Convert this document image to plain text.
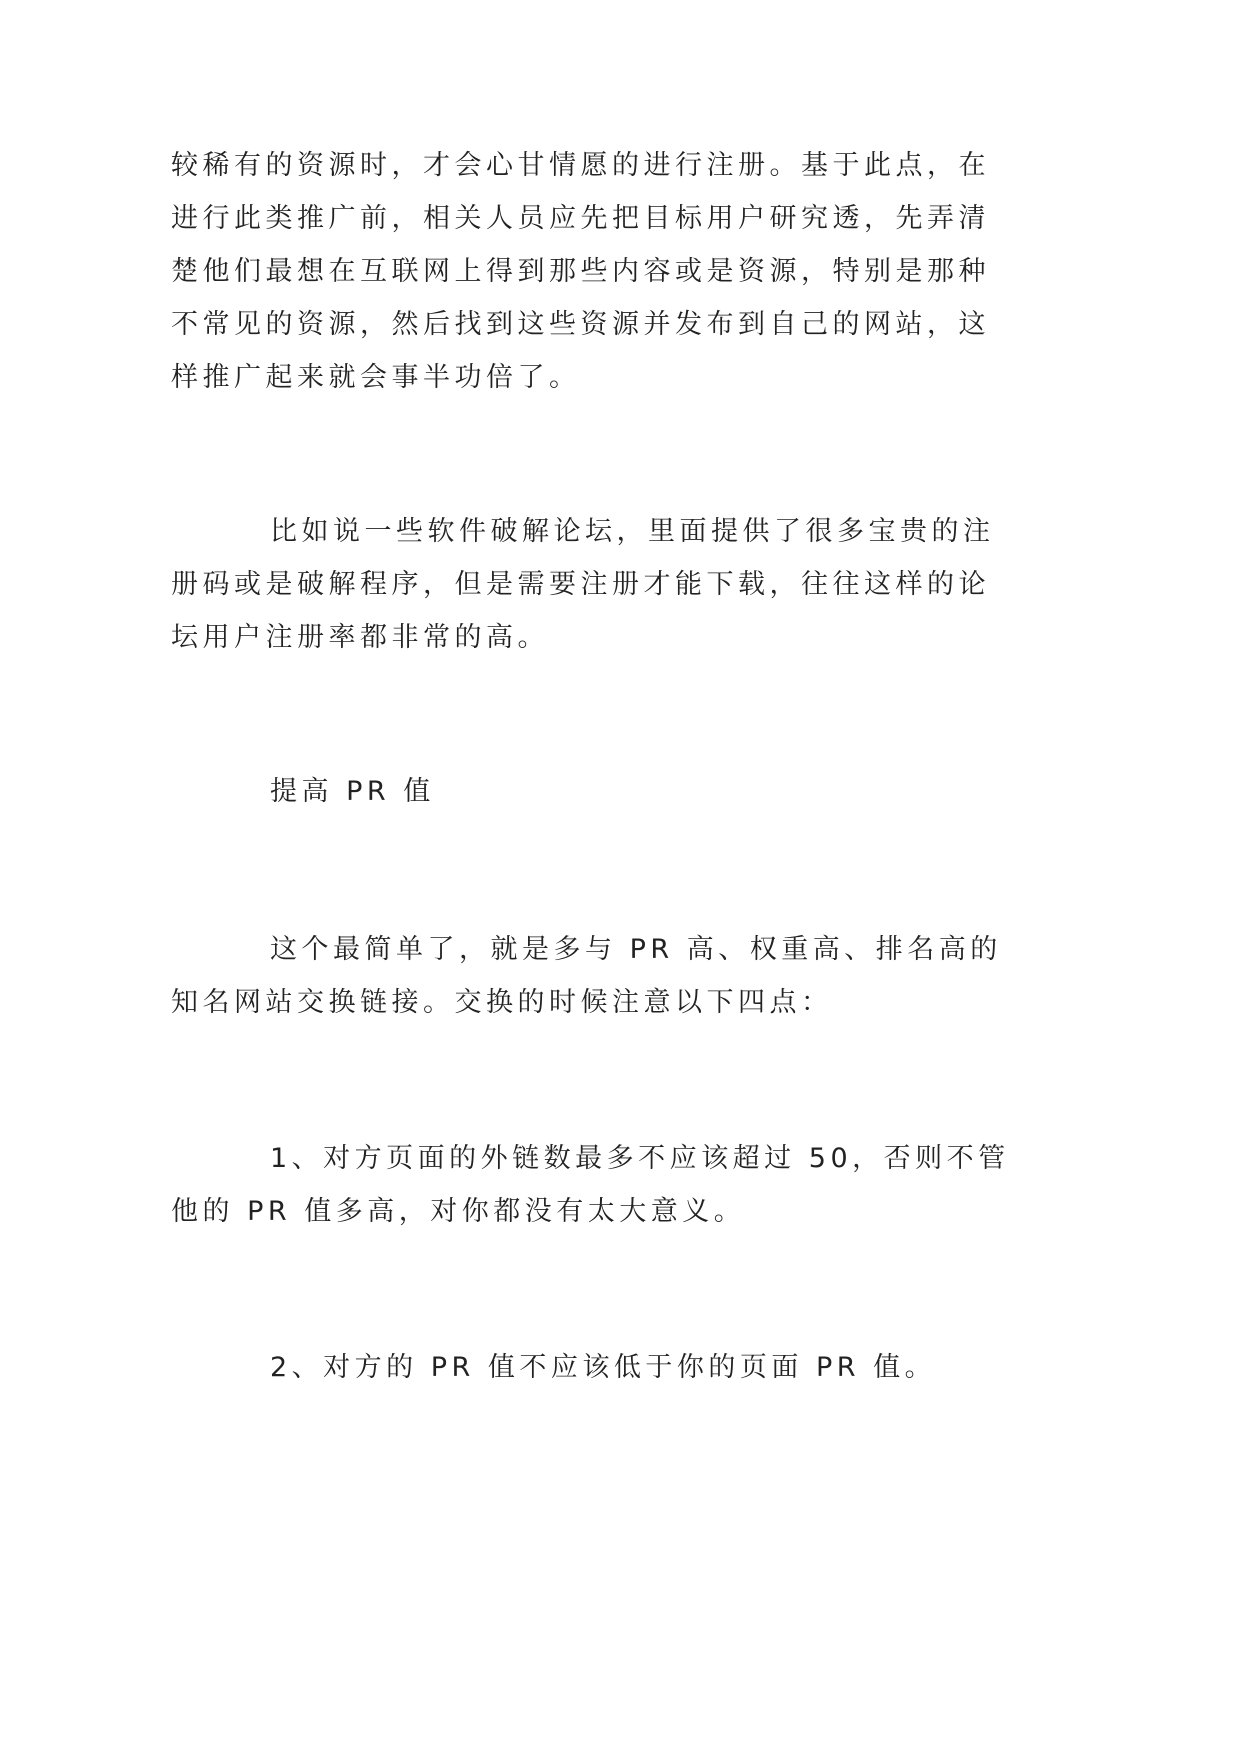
较稀有的资源时，才会心甘情愿的进行注册。基于此点，在
进行此类推广前，相关人员应先把目标用户研究透，先弄清
楚他们最想在互联网上得到那些内容或是资源，特别是那种
不常见的资源，然后找到这些资源并发布到自己的网站，这
样推广起来就会事半功倍了。
比如说一些软件破解论坛，里面提供了很多宝贵的注
册码或是破解程序，但是需要注册才能下载，往往这样的论
坛用户注册率都非常的高。
提高 PR 值
这个最简单了，就是多与 PR 高、权重高、排名高的
知名网站交换链接。交换的时候注意以下四点：
1、对方页面的外链数最多不应该超过 50，否则不管
他的 PR 值多高，对你都没有太大意义。
2、对方的 PR 值不应该低于你的页面 PR 值。
